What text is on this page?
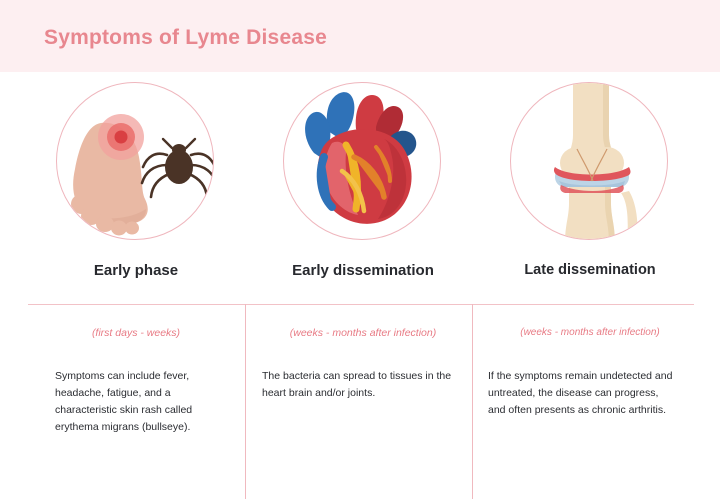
Symptoms of Lyme Disease
Early phase
(first days - weeks)
Symptoms can include fever, headache, fatigue, and a characteristic skin rash called erythema migrans (bullseye).
Early dissemination
(weeks - months after infection)
The bacteria can spread to tissues in the heart brain and/or joints.
Late dissemination
(weeks - months after infection)
If the symptoms remain undetected and untreated, the disease can progress, and often presents as chronic arthritis.
